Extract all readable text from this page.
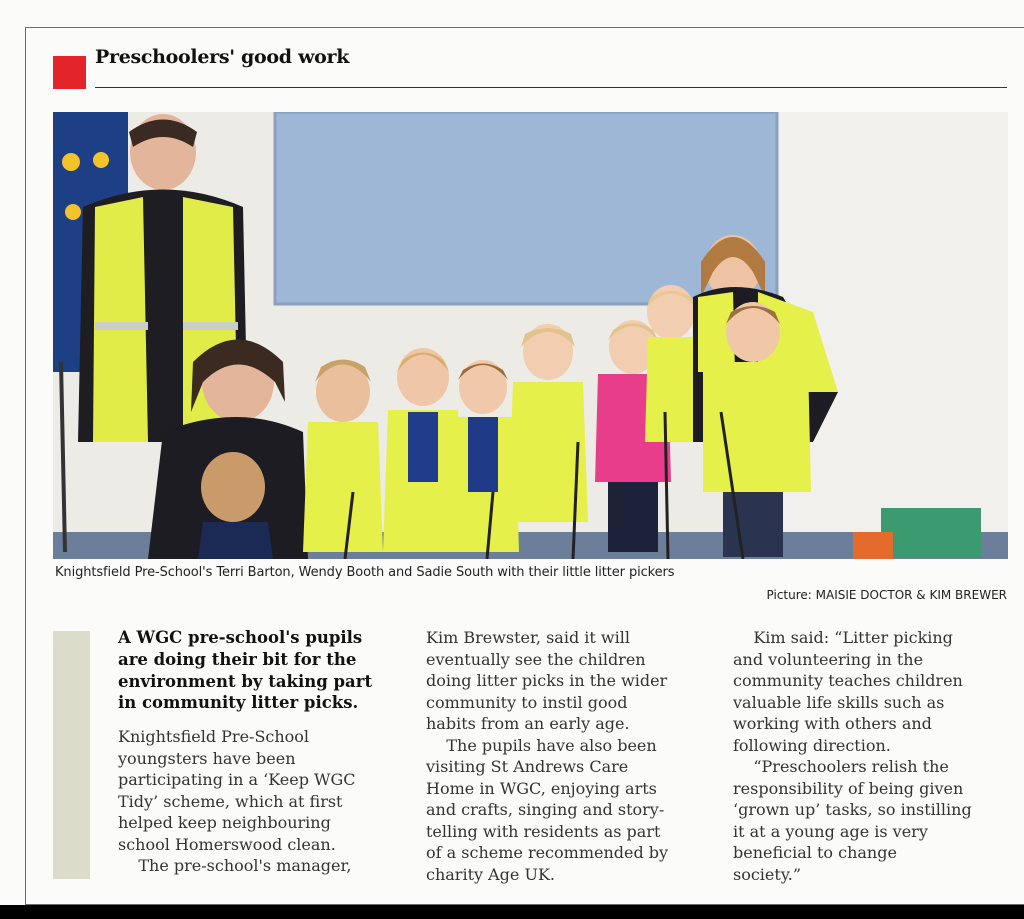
Preschoolers' good work
Knightsfield Pre-School's Terri Barton, Wendy Booth and Sadie South with their little litter pickers
Picture: MAISIE DOCTOR & KIM BREWER

A WGC pre-school's pupils
are doing their bit for the
environment by taking part
in community litter picks.

Knightsfield Pre-School
youngsters have been
participating in a ‘Keep WGC
Tidy’ scheme, which at first
helped keep neighbouring
school Homerswood clean.
The pre-school's manager,

Kim Brewster, said it will
eventually see the children
doing litter picks in the wider
community to instil good
habits from an early age.
The pupils have also been
visiting St Andrews Care
Home in WGC, enjoying arts
and crafts, singing and story-
telling with residents as part
of a scheme recommended by
charity Age UK.

Kim said: “Litter picking
and volunteering in the
community teaches children
valuable life skills such as
working with others and
following direction.
“Preschoolers relish the
responsibility of being given
‘grown up’ tasks, so instilling
it at a young age is very
beneficial to change
society.”
